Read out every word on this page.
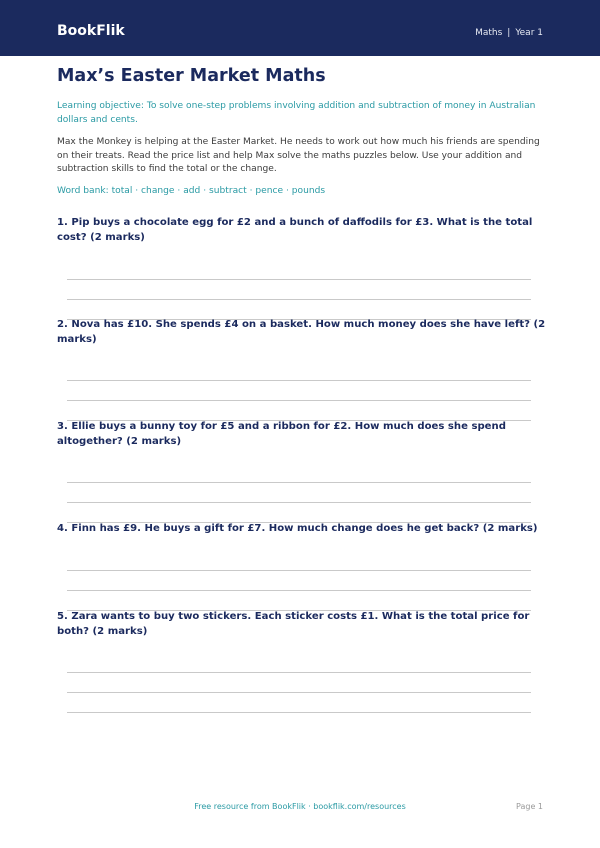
BookFlik	Maths | Year 1
Max’s Easter Market Maths
Learning objective: To solve one-step problems involving addition and subtraction of money in Australian dollars and cents.
Max the Monkey is helping at the Easter Market. He needs to work out how much his friends are spending on their treats. Read the price list and help Max solve the maths puzzles below. Use your addition and subtraction skills to find the total or the change.
Word bank: total · change · add · subtract · pence · pounds
1. Pip buys a chocolate egg for £2 and a bunch of daffodils for £3. What is the total cost? (2 marks)
2. Nova has £10. She spends £4 on a basket. How much money does she have left? (2 marks)
3. Ellie buys a bunny toy for £5 and a ribbon for £2. How much does she spend altogether? (2 marks)
4. Finn has £9. He buys a gift for £7. How much change does he get back? (2 marks)
5. Zara wants to buy two stickers. Each sticker costs £1. What is the total price for both? (2 marks)
Free resource from BookFlik · bookflik.com/resources	Page 1
